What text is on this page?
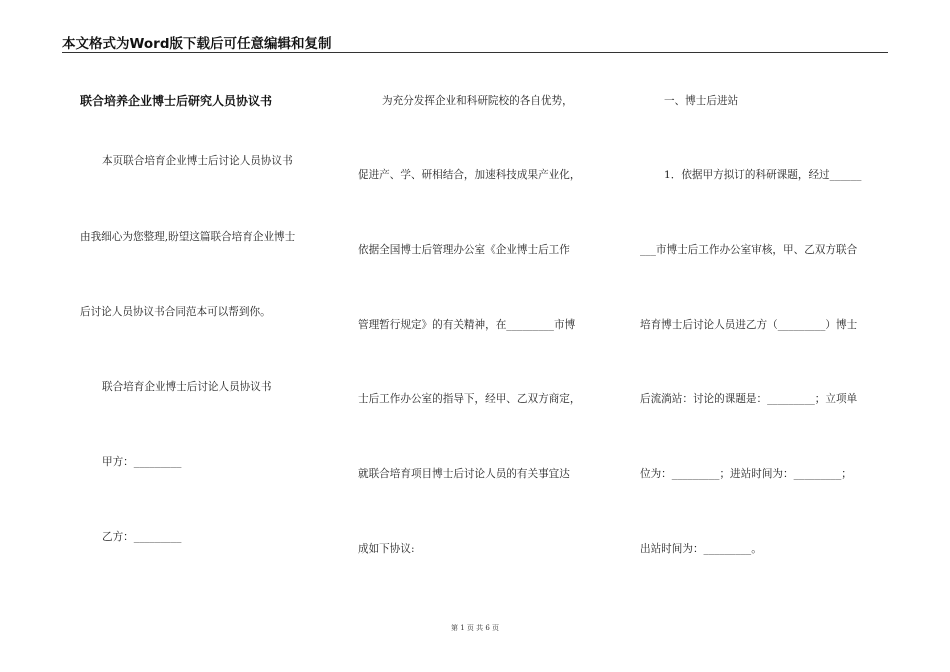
本文格式为Word版下载后可任意编辑和复制
联合培养企业博士后研究人员协议书
本页联合培育企业博士后讨论人员协议书
由我细心为您整理,盼望这篇联合培育企业博士
后讨论人员协议书合同范本可以帮到你。
联合培育企业博士后讨论人员协议书
甲方：_________
乙方：_________
为充分发挥企业和科研院校的各自优势，
促进产、学、研相结合，加速科技成果产业化，
依据全国博士后管理办公室《企业博士后工作
管理暂行规定》的有关精神，在_________市博
士后工作办公室的指导下，经甲、乙双方商定，
就联合培育项目博士后讨论人员的有关事宜达
成如下协议:
一、博士后进站
1．依据甲方拟订的科研课题，经过______
___市博士后工作办公室审核，甲、乙双方联合
培育博士后讨论人员进乙方（_________）博士
后流淌站：讨论的课题是：_________；立项单
位为：_________；进站时间为：_________；
出站时间为：_________。
第 1 页 共 6 页
